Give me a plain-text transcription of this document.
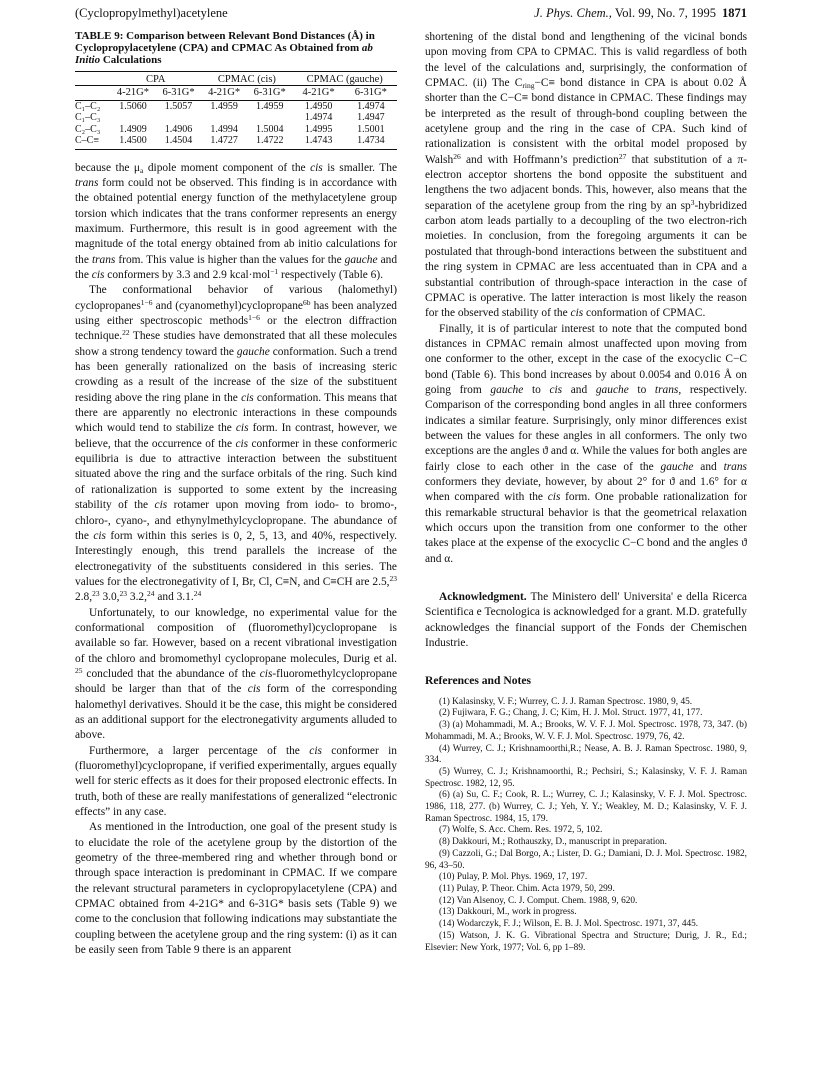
(Cyclopropylmethyl)acetylene	J. Phys. Chem., Vol. 99, No. 7, 1995 1871
TABLE 9: Comparison between Relevant Bond Distances (Å) in Cyclopropylacetylene (CPA) and CPMAC As Obtained from ab Initio Calculations
	CPA		CPMAC (cis)		CPMAC (gauche)	
	4-21G*	6-31G*	4-21G*	6-31G*	4-21G*	6-31G*
C₁–C₂	1.5060	1.5057	1.4959	1.4959	1.4950	1.4974
C₁–C₃					1.4974	1.4947
C₂–C₃	1.4909	1.4906	1.4994	1.5004	1.4995	1.5001
C–C≡	1.4500	1.4504	1.4727	1.4722	1.4743	1.4734

because the $\mu_a$ dipole moment component of the cis is smaller. The trans form could not be observed. This finding is in accordance with the obtained potential energy function of the methylacetylene group torsion which indicates that the trans conformer represents an energy maximum. Furthermore, this result is in good agreement with the magnitude of the total energy obtained from ab initio calculations for the trans from. This value is higher than the values for the gauche and the cis conformers by 3.3 and 2.9 kcal·mol$^{-1}$ respectively (Table 6).

The conformational behavior of various (halomethyl) cyclopropanes$^{1-6}$ and (cyanomethyl)cyclopropane$^{6b}$ has been analyzed using either spectroscopic methods$^{1-6}$ or the electron diffraction technique.$^{22}$ These studies have demonstrated that all these molecules show a strong tendency toward the gauche conformation. Such a trend has been generally rationalized on the basis of increasing steric crowding as a result of the increase of the size of the substituent residing above the ring plane in the cis conformation. This means that there are apparently no electronic interactions in these compounds which would tend to stabilize the cis form. In contrast, however, we believe, that the occurrence of the cis conformer in these conformeric equilibria is due to attractive interaction between the substituent situated above the ring and the surface orbitals of the ring. Such kind of rationalization is supported to some extent by the increasing stability of the cis rotamer upon moving from iodo- to bromo-, chloro-, cyano-, and ethynylmethylcyclopropane. The abundance of the cis form within this series is 0, 2, 5, 13, and 40%, respectively. Interestingly enough, this trend parallels the increase of the electronegativity of the substituents considered in this series. The values for the electronegativity of I, Br, Cl, C≡N, and C≡CH are 2.5,23 2.8,23 3.0,23 3.2,24 and 3.1.24

Unfortunately, to our knowledge, no experimental value for the conformational composition of (fluoromethyl)cyclopropane is available so far. However, based on a recent vibrational investigation of the chloro and bromomethyl cyclopropane molecules, Durig et al. $^{25}$ concluded that the abundance of the cis-fluoromethylcyclopropane should be larger than that of the cis form of the corresponding halomethyl derivatives. Should it be the case, this might be considered as an additional support for the electronegativity arguments alluded to above.

Furthermore, a larger percentage of the cis conformer in (fluoromethyl)cyclopropane, if verified experimentally, argues equally well for steric effects as it does for their proposed electronic effects. In truth, both of these are really manifestations of generalized “electronic effects” in any case.

As mentioned in the Introduction, one goal of the present study is to elucidate the role of the acetylene group by the distortion of the geometry of the three-membered ring and whether through bond or through space interaction is predominant in CPMAC. If we compare the relevant structural parameters in cyclopropylacetylene (CPA) and CPMAC obtained from 4-21G* and 6-31G* basis sets (Table 9) we come to the conclusion that following indications may substantiate the coupling between the acetylene group and the ring system: (i) as it can be easily seen from Table 9 there is an apparent

shortening of the distal bond and lengthening of the vicinal bonds upon moving from CPA to CPMAC. This is valid regardless of both the level of the calculations and, surprisingly, the conformation of CPMAC. (ii) The $C_{ring}-C\equiv$ bond distance in CPA is about 0.02 Å shorter than the C−C≡ bond distance in CPMAC. These findings may be interpreted as the result of through-bond coupling between the acetylene group and the ring in the case of CPA. Such kind of rationalization is consistent with the orbital model proposed by Walsh$^{26}$ and with Hoffmann’s prediction$^{27}$ that substitution of a π-electron acceptor shortens the bond opposite the substituent and lengthens the two adjacent bonds. This, however, also means that the separation of the acetylene group from the ring by an $sp^3$-hybridized carbon atom leads partially to a decoupling of the two electron-rich moieties. In conclusion, from the foregoing arguments it can be postulated that through-bond interactions between the substituent and the ring system in CPMAC are less accentuated than in CPA and a substantial contribution of through-space interaction in the case of CPMAC is operative. The latter interaction is most likely the reason for the observed stability of the cis conformation of CPMAC.

Finally, it is of particular interest to note that the computed bond distances in CPMAC remain almost unaffected upon moving from one conformer to the other, except in the case of the exocyclic C−C bond (Table 6). This bond increases by about 0.0054 and 0.016 Å on going from gauche to cis and gauche to trans, respectively. Comparison of the corresponding bond angles in all three conformers indicates a similar feature. Surprisingly, only minor differences exist between the values for these angles in all conformers. The only two exceptions are the angles ϑ and α. While the values for both angles are fairly close to each other in the case of the gauche and trans conformers they deviate, however, by about 2° for ϑ and 1.6° for α when compared with the cis form. One probable rationalization for this remarkable structural behavior is that the geometrical relaxation which occurs upon the transition from one conformer to the other takes place at the expense of the exocyclic C−C bond and the angles ϑ and α.

Acknowledgment. The Ministero dell' Universita' e della Ricerca Scientifica e Tecnologica is acknowledged for a grant. M.D. gratefully acknowledges the financial support of the Fonds der Chemischen Industrie.

References and Notes
(1) Kalasinsky, V. F.; Wurrey, C. J. J. Raman Spectrosc. 1980, 9, 45.
(2) Fujiwara, F. G.; Chang, J. C; Kim, H. J. Mol. Struct. 1977, 41, 177.
(3) (a) Mohammadi, M. A.; Brooks, W. V. F. J. Mol. Spectrosc. 1978, 73, 347. (b) Mohammadi, M. A.; Brooks, W. V. F. J. Mol. Spectrosc. 1979, 76, 42.
(4) Wurrey, C. J.; Krishnamoorthi,R.; Nease, A. B. J. Raman Spectrosc. 1980, 9, 334.
(5) Wurrey, C. J.; Krishnamoorthi, R.; Pechsiri, S.; Kalasinsky, V. F. J. Raman Spectrosc. 1982, 12, 95.
(6) (a) Su, C. F.; Cook, R. L.; Wurrey, C. J.; Kalasinsky, V. F. J. Mol. Spectrosc. 1986, 118, 277. (b) Wurrey, C. J.; Yeh, Y. Y.; Weakley, M. D.; Kalasinsky, V. F. J. Raman Spectrosc. 1984, 15, 179.
(7) Wolfe, S. Acc. Chem. Res. 1972, 5, 102.
(8) Dakkouri, M.; Rothauszky, D., manuscript in preparation.
(9) Cazzoli, G.; Dal Borgo, A.; Lister, D. G.; Damiani, D. J. Mol. Spectrosc. 1982, 96, 43–50.
(10) Pulay, P. Mol. Phys. 1969, 17, 197.
(11) Pulay, P. Theor. Chim. Acta 1979, 50, 299.
(12) Van Alsenoy, C. J. Comput. Chem. 1988, 9, 620.
(13) Dakkouri, M., work in progress.
(14) Wodarczyk, F. J.; Wilson, E. B. J. Mol. Spectrosc. 1971, 37, 445.
(15) Watson, J. K. G. Vibrational Spectra and Structure; Durig, J. R., Ed.; Elsevier: New York, 1977; Vol. 6, pp 1–89.
